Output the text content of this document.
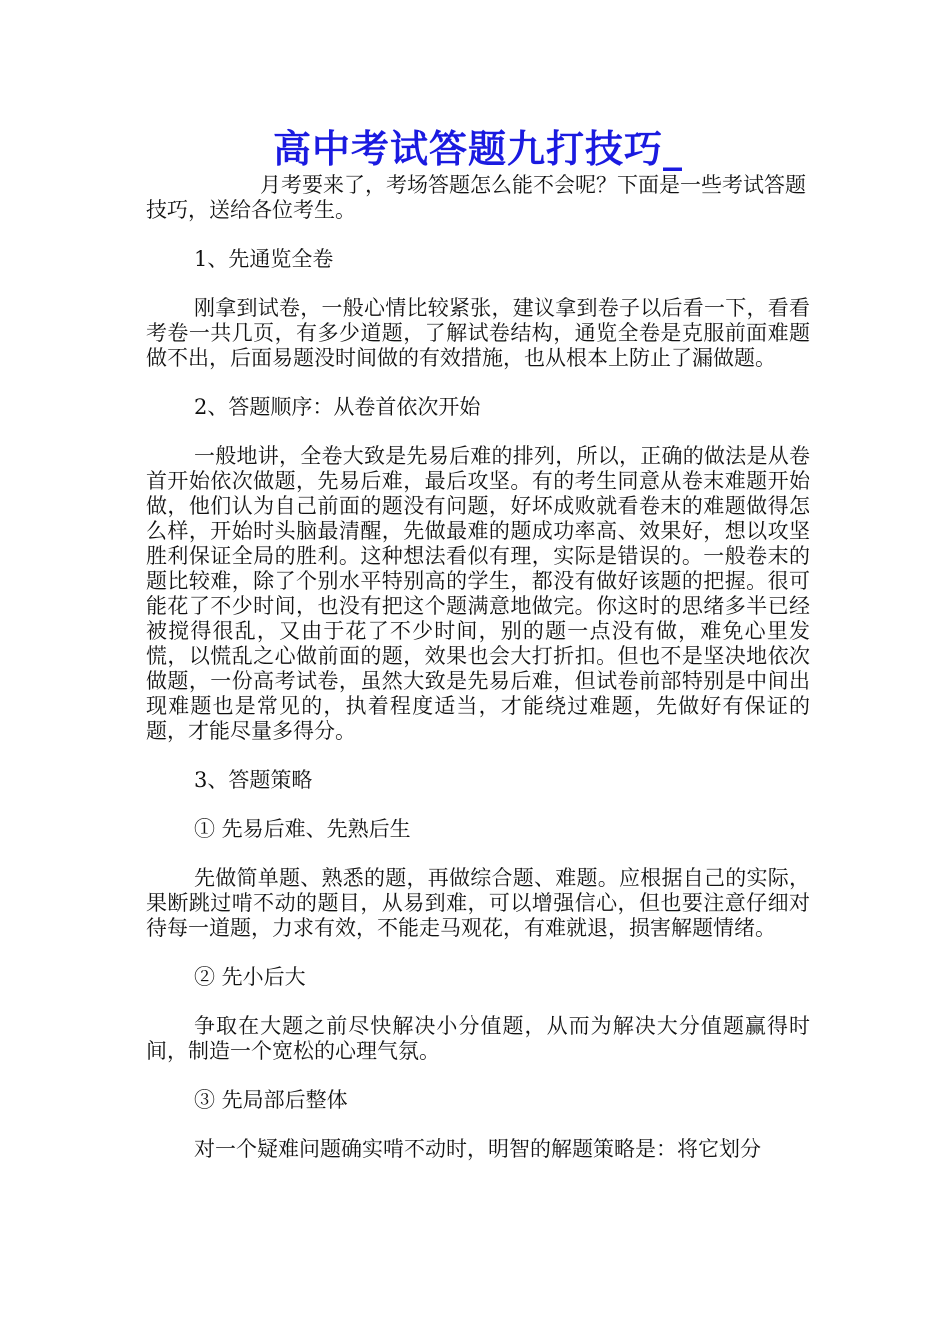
高中考试答题九打技巧_

月考要来了，考场答题怎么能不会呢？下面是一些考试答题技巧，送给各位考生。

1、先通览全卷

刚拿到试卷，一般心情比较紧张，建议拿到卷子以后看一下，看看考卷一共几页，有多少道题，了解试卷结构，通览全卷是克服前面难题做不出，后面易题没时间做的有效措施，也从根本上防止了漏做题。

2、答题顺序：从卷首依次开始

一般地讲，全卷大致是先易后难的排列，所以，正确的做法是从卷首开始依次做题，先易后难，最后攻坚。有的考生同意从卷末难题开始做，他们认为自己前面的题没有问题，好坏成败就看卷末的难题做得怎么样，开始时头脑最清醒，先做最难的题成功率高、效果好，想以攻坚胜利保证全局的胜利。这种想法看似有理，实际是错误的。一般卷末的题比较难，除了个别水平特别高的学生，都没有做好该题的把握。很可能花了不少时间，也没有把这个题满意地做完。你这时的思绪多半已经被搅得很乱，又由于花了不少时间，别的题一点没有做，难免心里发慌，以慌乱之心做前面的题，效果也会大打折扣。但也不是坚决地依次做题，一份高考试卷，虽然大致是先易后难，但试卷前部特别是中间出现难题也是常见的，执着程度适当，才能绕过难题，先做好有保证的题，才能尽量多得分。

3、答题策略

① 先易后难、先熟后生

先做简单题、熟悉的题，再做综合题、难题。应根据自己的实际，果断跳过啃不动的题目，从易到难，可以增强信心，但也要注意仔细对待每一道题，力求有效，不能走马观花，有难就退，损害解题情绪。

② 先小后大

争取在大题之前尽快解决小分值题，从而为解决大分值题赢得时间，制造一个宽松的心理气氛。

③ 先局部后整体

对一个疑难问题确实啃不动时，明智的解题策略是：将它划分
